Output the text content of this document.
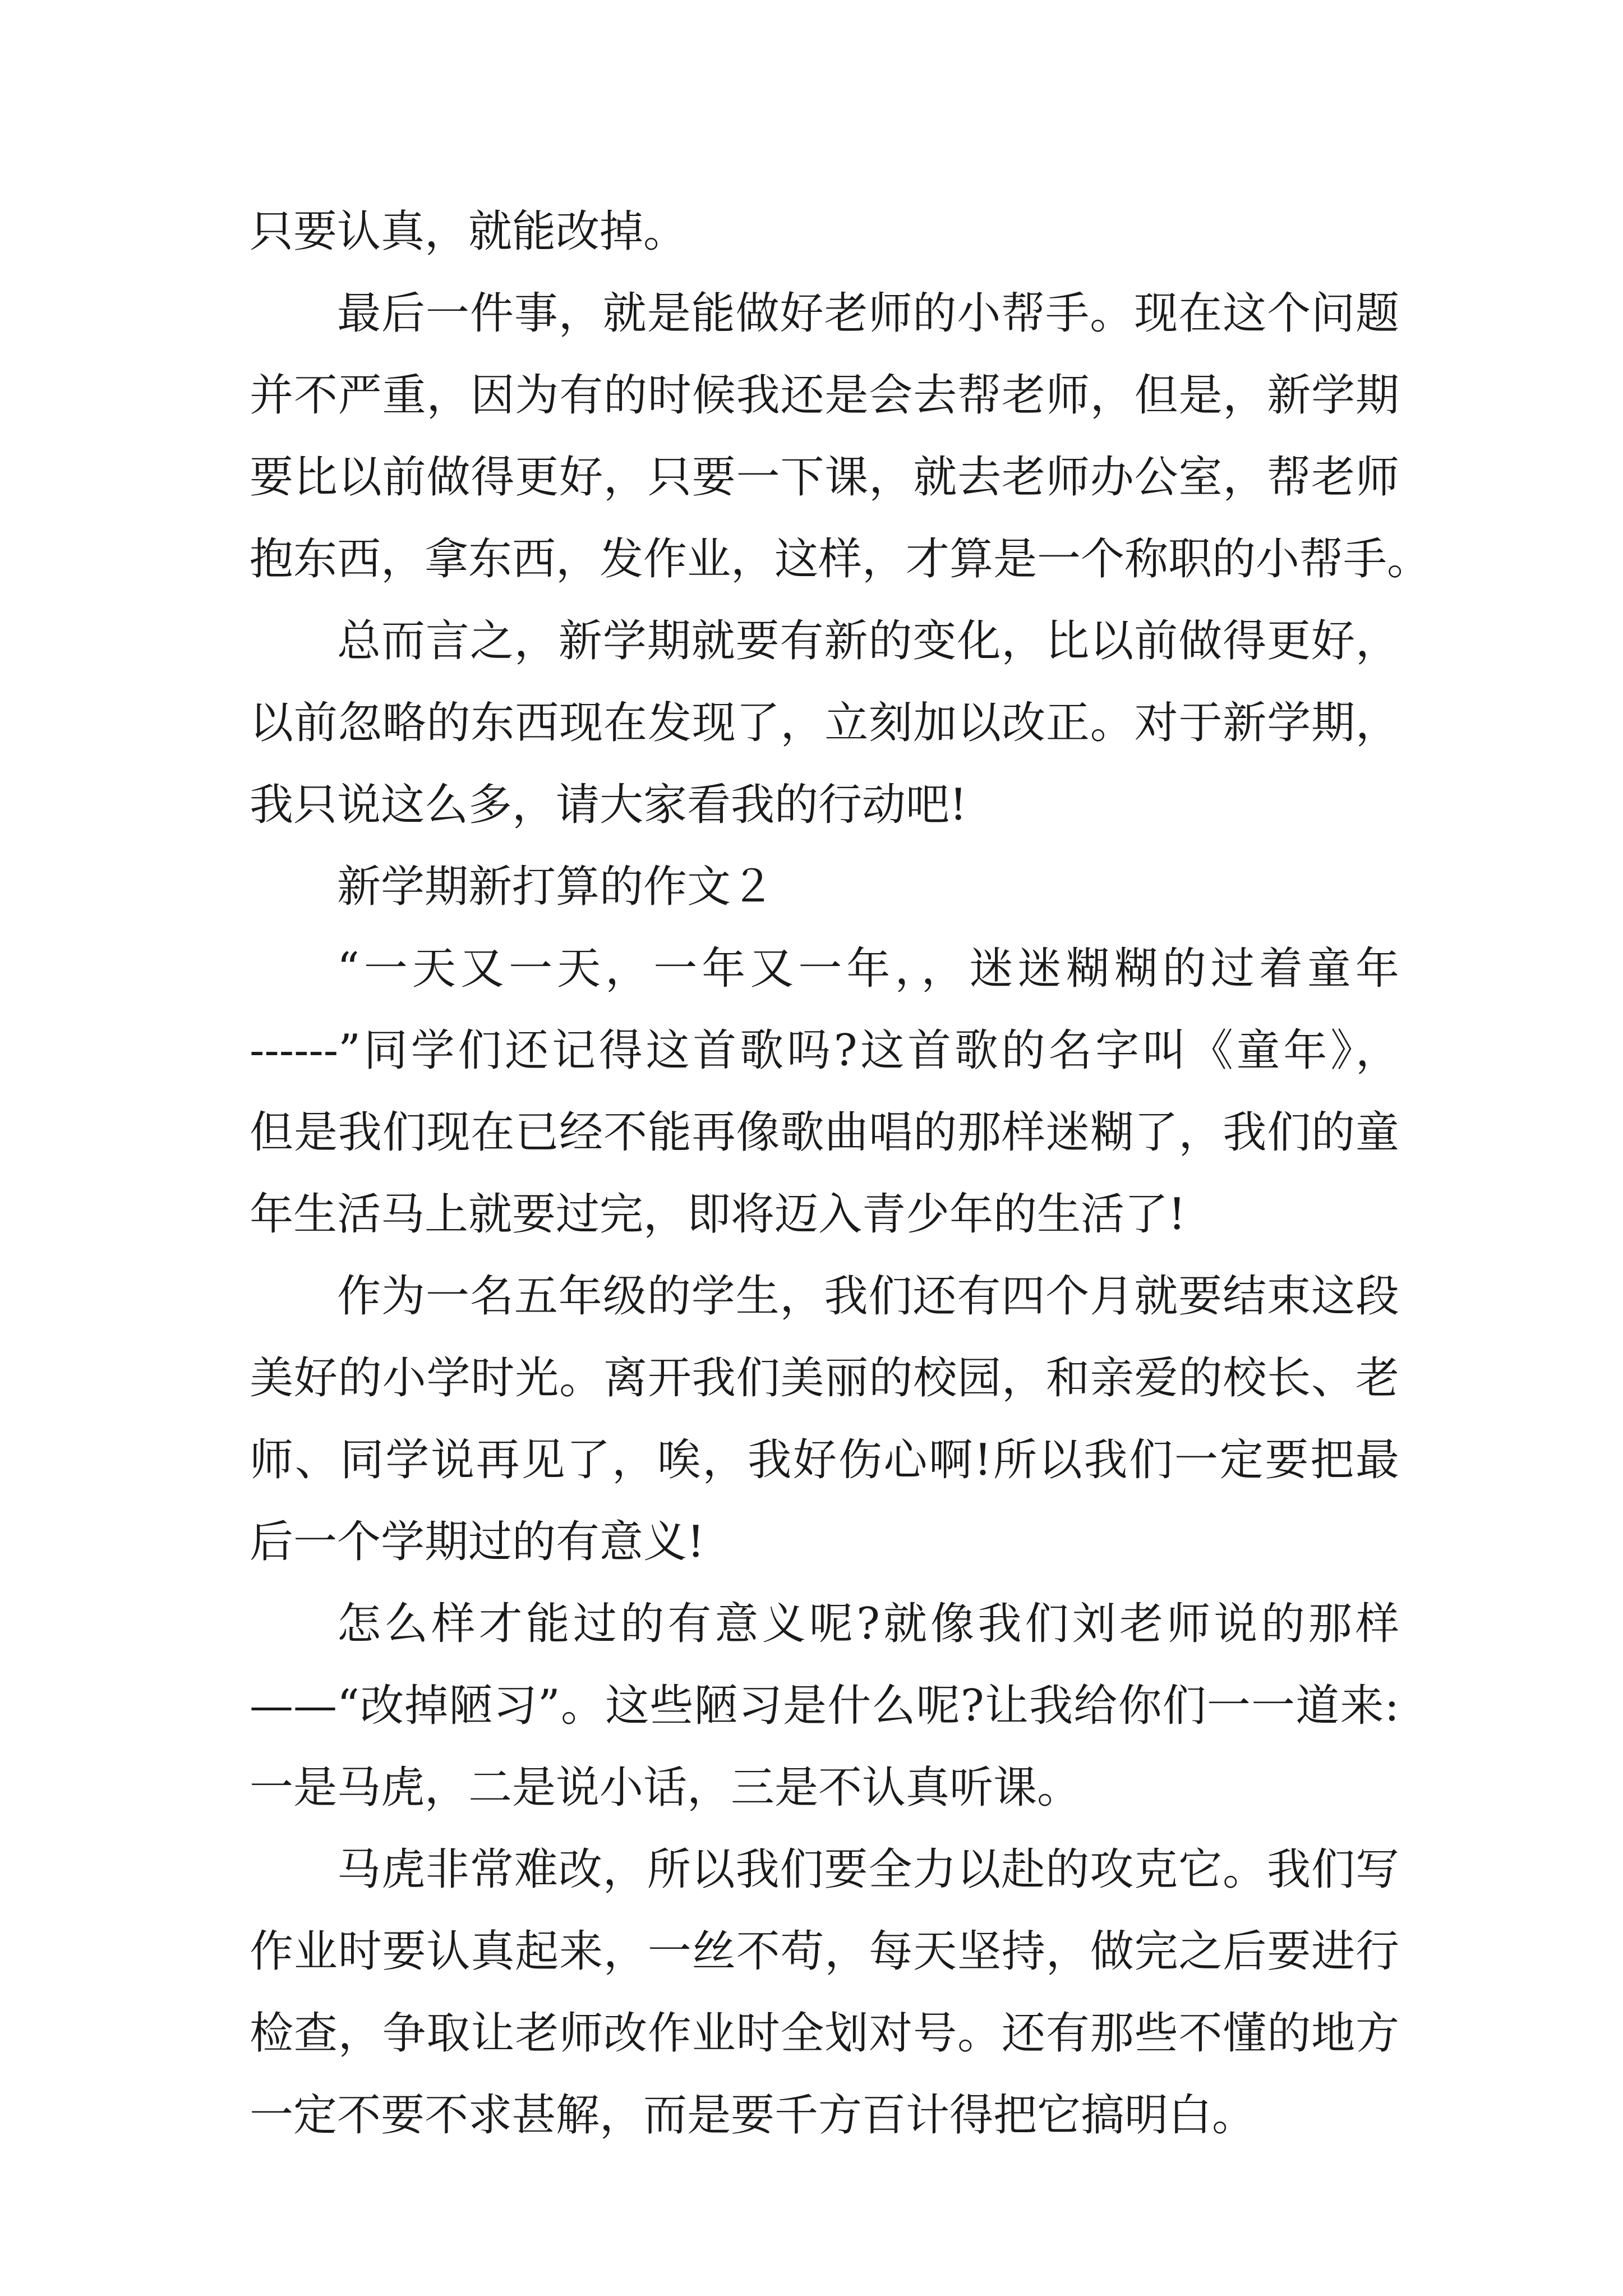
只要认真，就能改掉。
最后一件事，就是能做好老师的小帮手。现在这个问题
并不严重，因为有的时候我还是会去帮老师，但是，新学期
要比以前做得更好，只要一下课，就去老师办公室，帮老师
抱东西，拿东西，发作业，这样，才算是一个称职的小帮手。
总而言之，新学期就要有新的变化，比以前做得更好，
以前忽略的东西现在发现了，立刻加以改正。对于新学期，
我只说这么多，请大家看我的行动吧!
新学期新打算的作文２
“一天又一天，一年又一年，，迷迷糊糊的过着童年
------”同学们还记得这首歌吗?这首歌的名字叫《童年》，
但是我们现在已经不能再像歌曲唱的那样迷糊了，我们的童
年生活马上就要过完，即将迈入青少年的生活了!
作为一名五年级的学生，我们还有四个月就要结束这段
美好的小学时光。离开我们美丽的校园，和亲爱的校长、老
师、同学说再见了，唉，我好伤心啊!所以我们一定要把最
后一个学期过的有意义!
怎么样才能过的有意义呢?就像我们刘老师说的那样
——“改掉陋习”。这些陋习是什么呢?让我给你们一一道来:
一是马虎，二是说小话，三是不认真听课。
马虎非常难改，所以我们要全力以赴的攻克它。我们写
作业时要认真起来，一丝不苟，每天坚持，做完之后要进行
检查，争取让老师改作业时全划对号。还有那些不懂的地方
一定不要不求甚解，而是要千方百计得把它搞明白。
